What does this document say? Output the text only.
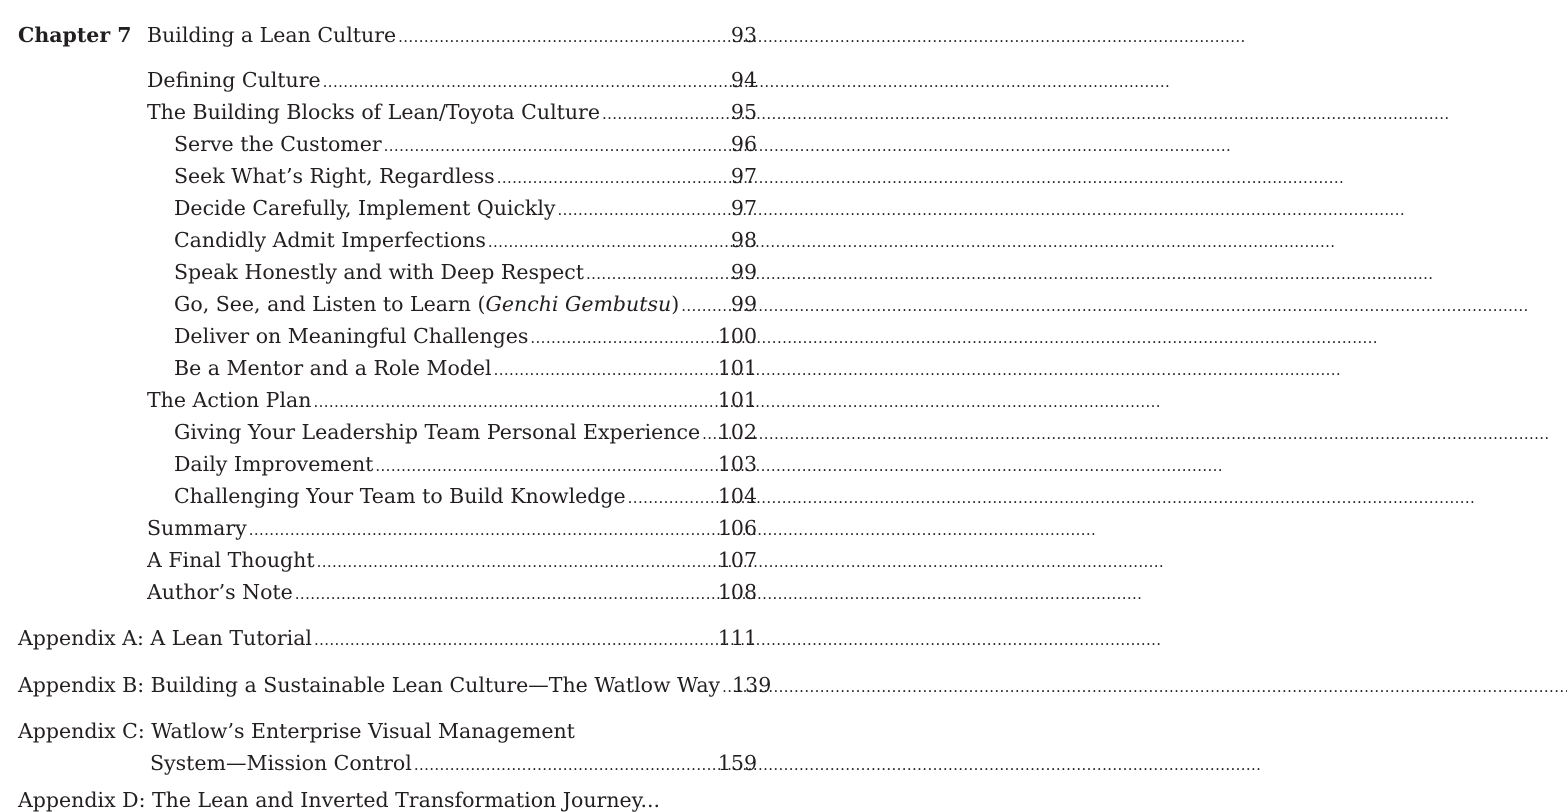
Chapter 7 Building a Lean Culture . . .	93
Defining Culture . . .	94
The Building Blocks of Lean/Toyota Culture . . .	95
Serve the Customer . . .	96
Seek What’s Right, Regardless . . .	97
Decide Carefully, Implement Quickly . . .	97
Candidly Admit Imperfections . . .	98
Speak Honestly and with Deep Respect . . .	99
Go, See, and Listen to Learn (Genchi Gembutsu) . . .	99
Deliver on Meaningful Challenges . . .	100
Be a Mentor and a Role Model . . .	101
The Action Plan . . .	101
Giving Your Leadership Team Personal Experience . . . 102
Daily Improvement . . .	103
Challenging Your Team to Build Knowledge . . .	104
Summary . . .	106
A Final Thought . . .	107
Author’s Note . . .	108
Appendix A: A Lean Tutorial . . .	111
Appendix B: Building a Sustainable Lean Culture—The Watlow Way . . . 139
Appendix C: Watlow’s Enterprise Visual Management
System—Mission Control . . .	159
Appendix D: The Lean and Inverted Transformation Journey...
